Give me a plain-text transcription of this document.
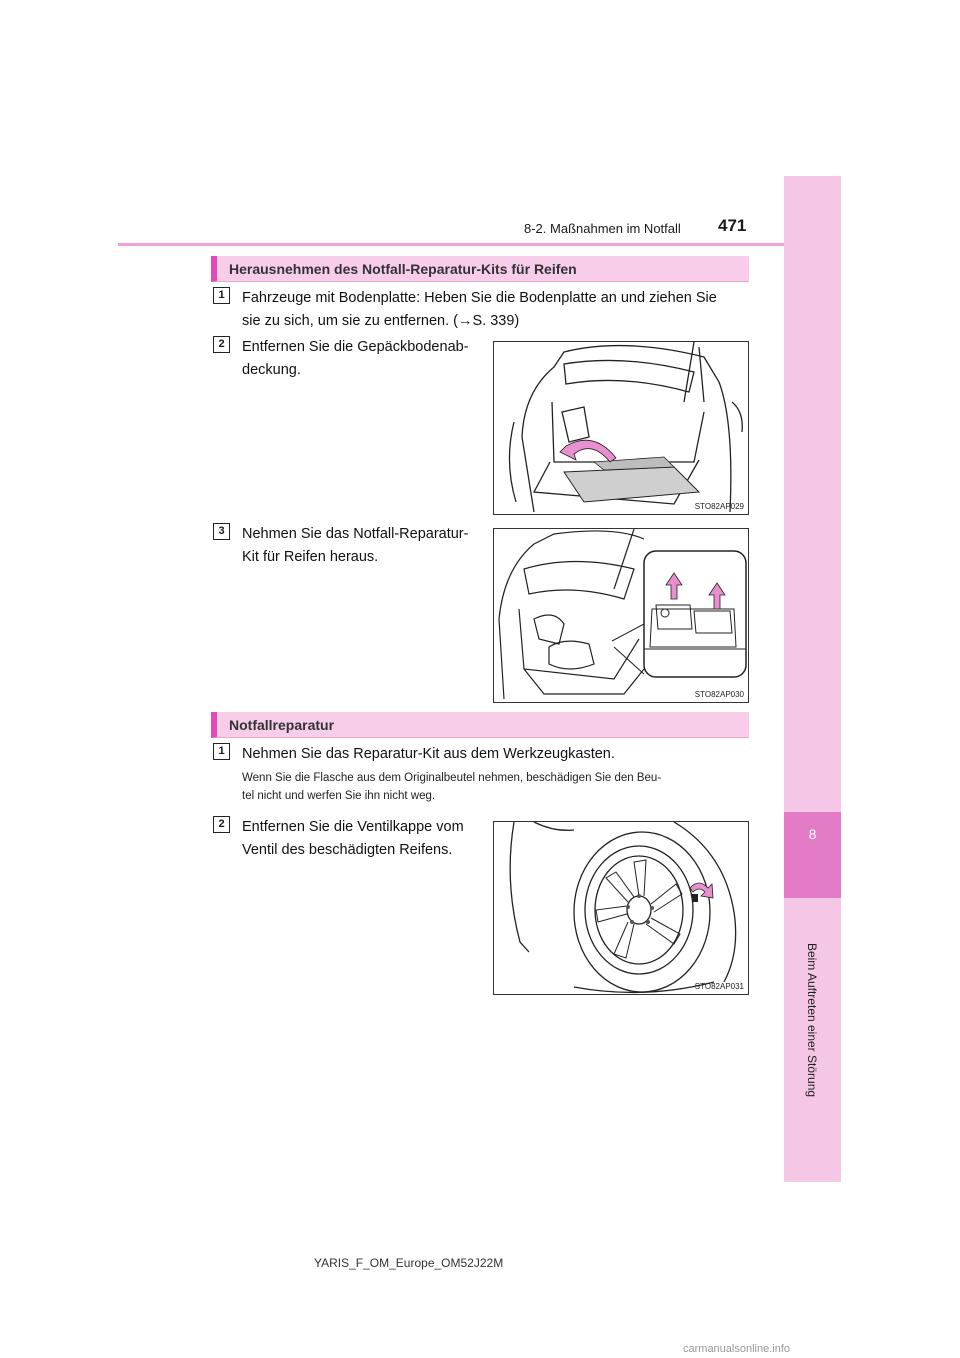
8
Beim Auftreten einer Störung
8-2. Maßnahmen im Notfall 471
Herausnehmen des Notfall-Reparatur-Kits für Reifen
1	Fahrzeuge mit Bodenplatte: Heben Sie die Bodenplatte an und ziehen Sie
sie zu sich, um sie zu entfernen. (→S. 339)
2	Entfernen Sie die Gepäckbodenab-
deckung.
STO82AP029
3	Nehmen Sie das Notfall-Reparatur-
Kit für Reifen heraus.
STO82AP030
Notfallreparatur
1	Nehmen Sie das Reparatur-Kit aus dem Werkzeugkasten.
Wenn Sie die Flasche aus dem Originalbeutel nehmen, beschädigen Sie den Beu-
tel nicht und werfen Sie ihn nicht weg.
2	Entfernen Sie die Ventilkappe vom
Ventil des beschädigten Reifens.
STO82AP031
YARIS_F_OM_Europe_OM52J22M
carmanualsonline.info
